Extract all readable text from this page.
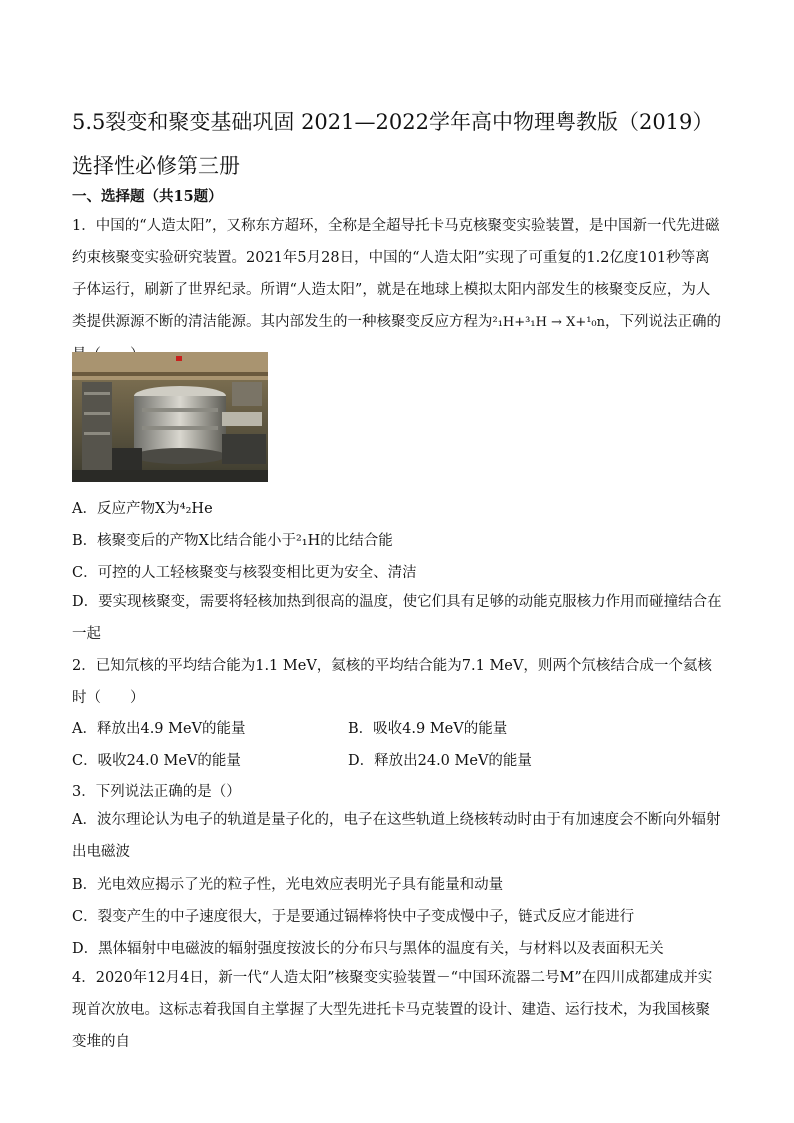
5.5裂变和聚变基础巩固 2021—2022学年高中物理粤教版（2019）选择性必修第三册
一、选择题（共15题）
1．中国的“人造太阳”，又称东方超环，全称是全超导托卡马克核聚变实验装置，是中国新一代先进磁约束核聚变实验研究装置。2021年5月28日，中国的“人造太阳”实现了可重复的1.2亿度101秒等离子体运行，刷新了世界纪录。所谓“人造太阳”，就是在地球上模拟太阳内部发生的核聚变反应，为人类提供源源不断的清洁能源。其内部发生的一种核聚变反应方程为²₁H+³₁H → X+¹₀n，下列说法正确的　　
A．反应产物X为⁴₂He
B．核聚变后的产物X比结合能小于²₁H的比结合能
C．可控的人工轻核聚变与核裂变相比更为安全、清洁
D．要实现核聚变，需要将轻核加热到很高的温度，使它们具有足够的动能克服核力作用而碰撞结合在一起
2．已知氘核的平均结合能为1.1 MeV，氦核的平均结合能为7.1 MeV，则两个氘核结合成一个氦核时（　　）
A．释放出4.9 MeV的能量	B．吸收4.9 MeV的能量
C．吸收24.0 MeV的能量	D．释放出24.0 MeV的能量
3．下列说法正确的是（）
A．波尔理论认为电子的轨道是量子化的，电子在这些轨道上绕核转动时由于有加速度会不断向外辐射出电磁波
B．光电效应揭示了光的粒子性，光电效应表明光子具有能量和动量
C．裂变产生的中子速度很大，于是要通过镉棒将快中子变成慢中子，链式反应才能进行
D．黑体辐射中电磁波的辐射强度按波长的分布只与黑体的温度有关，与材料以及表面积无关
4．2020年12月4日，新一代“人造太阳”核聚变实验装置－“中国环流器二号M”在四川成都建成并实现首次放电。这标志着我国自主掌握了大型先进托卡马克装置的设计、建造、运行技术，为我国核聚变堆的自
